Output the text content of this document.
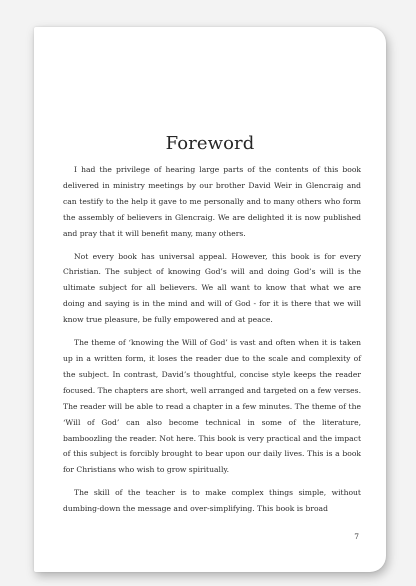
Foreword

I had the privilege of hearing large parts of the contents of this book delivered in ministry meetings by our brother David Weir in Glencraig and can testify to the help it gave to me personally and to many others who form the assembly of believers in Glencraig. We are delighted it is now published and pray that it will benefit many, many others.

Not every book has universal appeal. However, this book is for every Christian. The subject of knowing God’s will and doing God’s will is the ultimate subject for all believers. We all want to know that what we are doing and saying is in the mind and will of God - for it is there that we will know true pleasure, be fully empowered and at peace.

The theme of ‘knowing the Will of God’ is vast and often when it is taken up in a written form, it loses the reader due to the scale and complexity of the subject. In contrast, David’s thoughtful, concise style keeps the reader focused. The chapters are short, well arranged and targeted on a few verses. The reader will be able to read a chapter in a few minutes. The theme of the ‘Will of God’ can also become technical in some of the literature, bamboozling the reader. Not here. This book is very practical and the impact of this subject is forcibly brought to bear upon our daily lives. This is a book for Christians who wish to grow spiritually.

The skill of the teacher is to make complex things simple, without dumbing-down the message and over-simplifying. This book is broad

7
